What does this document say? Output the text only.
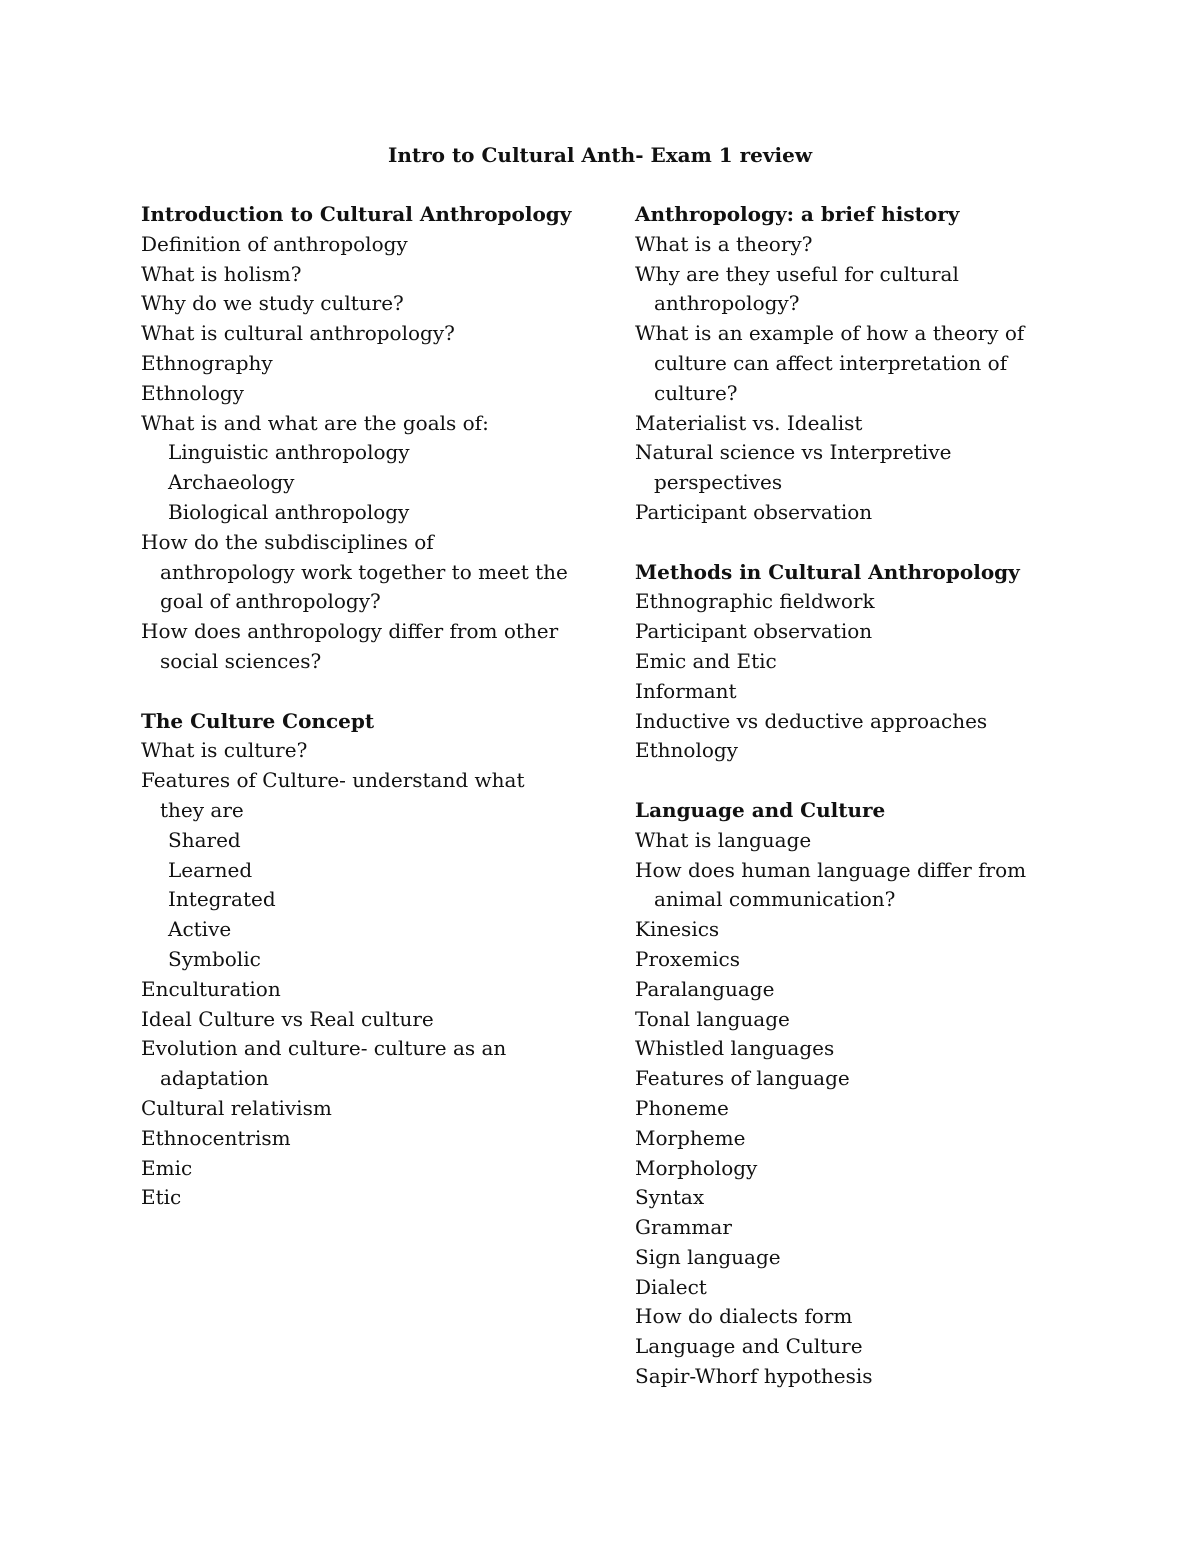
Intro to Cultural Anth- Exam 1 review
Introduction to Cultural Anthropology
Definition of anthropology
What is holism?
Why do we study culture?
What is cultural anthropology?
Ethnography
Ethnology
What is and what are the goals of:
Linguistic anthropology
Archaeology
Biological anthropology
How do the subdisciplines of
anthropology work together to meet the
goal of anthropology?
How does anthropology differ from other
social sciences?
The Culture Concept
What is culture?
Features of Culture- understand what
they are
Shared
Learned
Integrated
Active
Symbolic
Enculturation
Ideal Culture vs Real culture
Evolution and culture- culture as an
adaptation
Cultural relativism
Ethnocentrism
Emic
Etic
Anthropology: a brief history
What is a theory?
Why are they useful for cultural
anthropology?
What is an example of how a theory of
culture can affect interpretation of
culture?
Materialist vs. Idealist
Natural science vs Interpretive
perspectives
Participant observation
Methods in Cultural Anthropology
Ethnographic fieldwork
Participant observation
Emic and Etic
Informant
Inductive vs deductive approaches
Ethnology
Language and Culture
What is language
How does human language differ from
animal communication?
Kinesics
Proxemics
Paralanguage
Tonal language
Whistled languages
Features of language
Phoneme
Morpheme
Morphology
Syntax
Grammar
Sign language
Dialect
How do dialects form
Language and Culture
Sapir-Whorf hypothesis
